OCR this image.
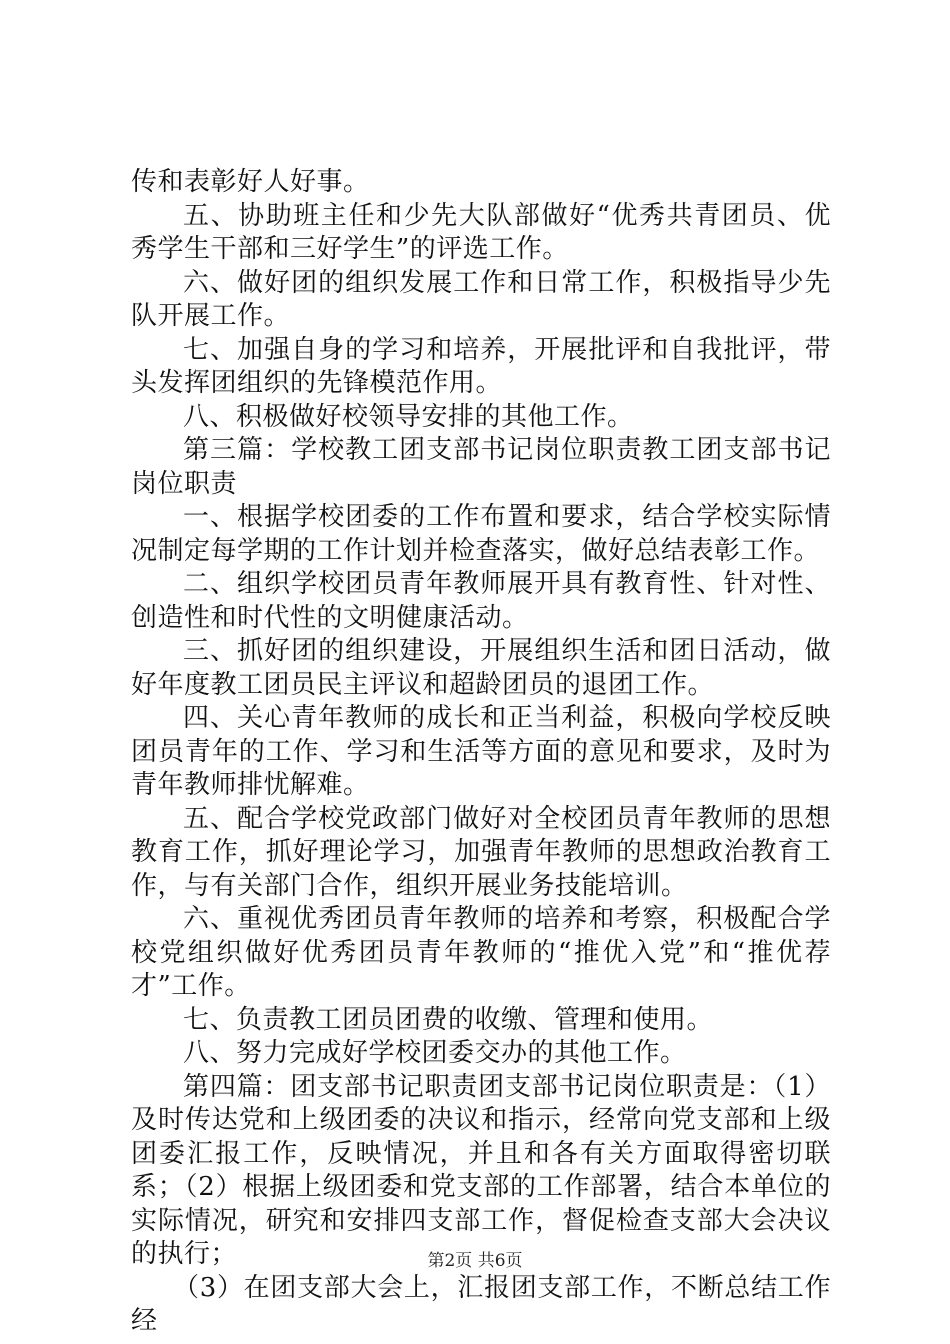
传和表彰好人好事。

五、协助班主任和少先大队部做好“优秀共青团员、优秀学生干部和三好学生”的评选工作。

六、做好团的组织发展工作和日常工作，积极指导少先队开展工作。

七、加强自身的学习和培养，开展批评和自我批评，带头发挥团组织的先锋模范作用。

八、积极做好校领导安排的其他工作。

第三篇：学校教工团支部书记岗位职责教工团支部书记岗位职责

一、根据学校团委的工作布置和要求，结合学校实际情况制定每学期的工作计划并检查落实，做好总结表彰工作。

二、组织学校团员青年教师展开具有教育性、针对性、创造性和时代性的文明健康活动。

三、抓好团的组织建设，开展组织生活和团日活动，做好年度教工团员民主评议和超龄团员的退团工作。

四、关心青年教师的成长和正当利益，积极向学校反映团员青年的工作、学习和生活等方面的意见和要求，及时为青年教师排忧解难。

五、配合学校党政部门做好对全校团员青年教师的思想教育工作，抓好理论学习，加强青年教师的思想政治教育工作，与有关部门合作，组织开展业务技能培训。

六、重视优秀团员青年教师的培养和考察，积极配合学校党组织做好优秀团员青年教师的“推优入党”和“推优荐才”工作。

七、负责教工团员团费的收缴、管理和使用。

八、努力完成好学校团委交办的其他工作。

第四篇：团支部书记职责团支部书记岗位职责是：（1）及时传达党和上级团委的决议和指示，经常向党支部和上级团委汇报工作，反映情况，并且和各有关方面取得密切联系；（2）根据上级团委和党支部的工作部署，结合本单位的实际情况，研究和安排四支部工作，督促检查支部大会决议的执行；

（3）在团支部大会上，汇报团支部工作，不断总结工作经

第2页 共6页
